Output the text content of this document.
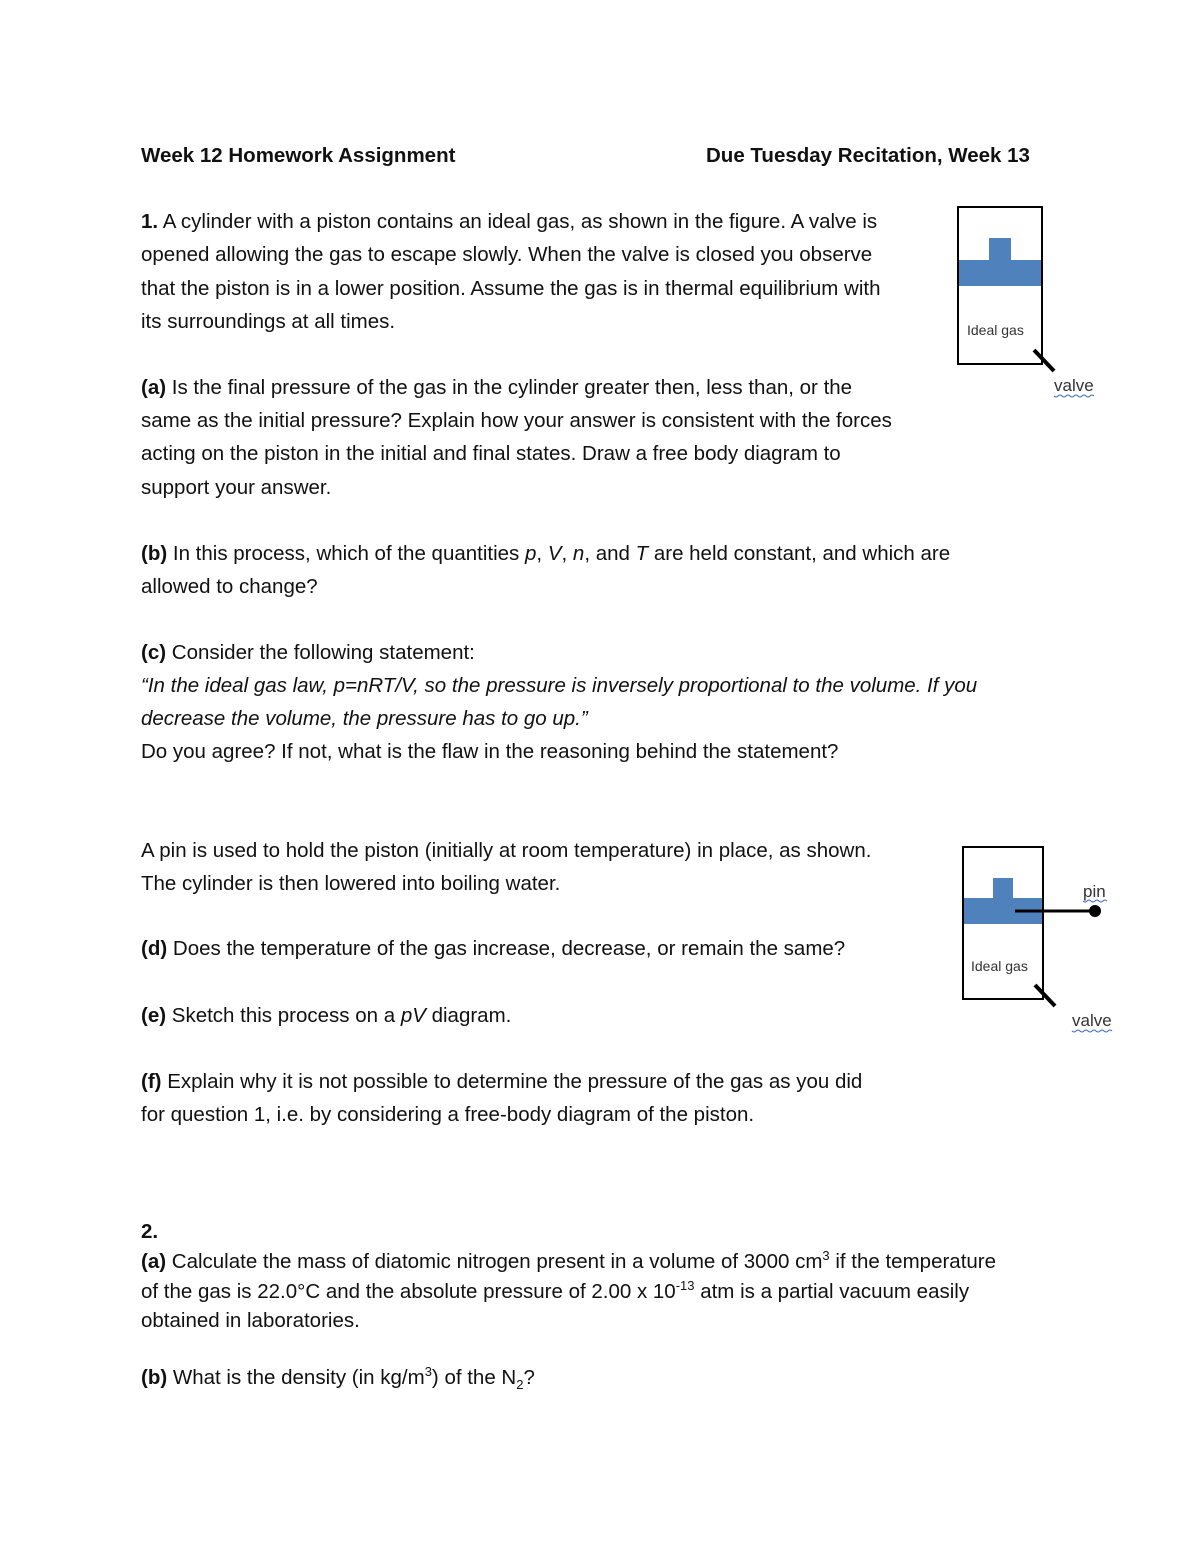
Week 12 Homework Assignment	Due Tuesday Recitation, Week 13
1. A cylinder with a piston contains an ideal gas, as shown in the figure. A valve is
opened allowing the gas to escape slowly. When the valve is closed you observe
that the piston is in a lower position. Assume the gas is in thermal equilibrium with
its surroundings at all times.
(a) Is the final pressure of the gas in the cylinder greater then, less than, or the
same as the initial pressure? Explain how your answer is consistent with the forces
acting on the piston in the initial and final states. Draw a free body diagram to
support your answer.
(b) In this process, which of the quantities p, V, n, and T are held constant, and which are
allowed to change?
(c) Consider the following statement:
“In the ideal gas law, p=nRT/V, so the pressure is inversely proportional to the volume. If you
decrease the volume, the pressure has to go up.”
Do you agree? If not, what is the flaw in the reasoning behind the statement?
A pin is used to hold the piston (initially at room temperature) in place, as shown.
The cylinder is then lowered into boiling water.
(d) Does the temperature of the gas increase, decrease, or remain the same?
(e) Sketch this process on a pV diagram.
(f) Explain why it is not possible to determine the pressure of the gas as you did
for question 1, i.e. by considering a free-body diagram of the piston.
2.
(a) Calculate the mass of diatomic nitrogen present in a volume of 3000 $cm^3$ if the temperature
of the gas is 22.0°C and the absolute pressure of 2.00 x $10^{-13}$ atm is a partial vacuum easily
obtained in laboratories.
(b) What is the density (in $kg/m^3$) of the $N_2$?
Ideal gas
valve
pin
Ideal gas
valve
